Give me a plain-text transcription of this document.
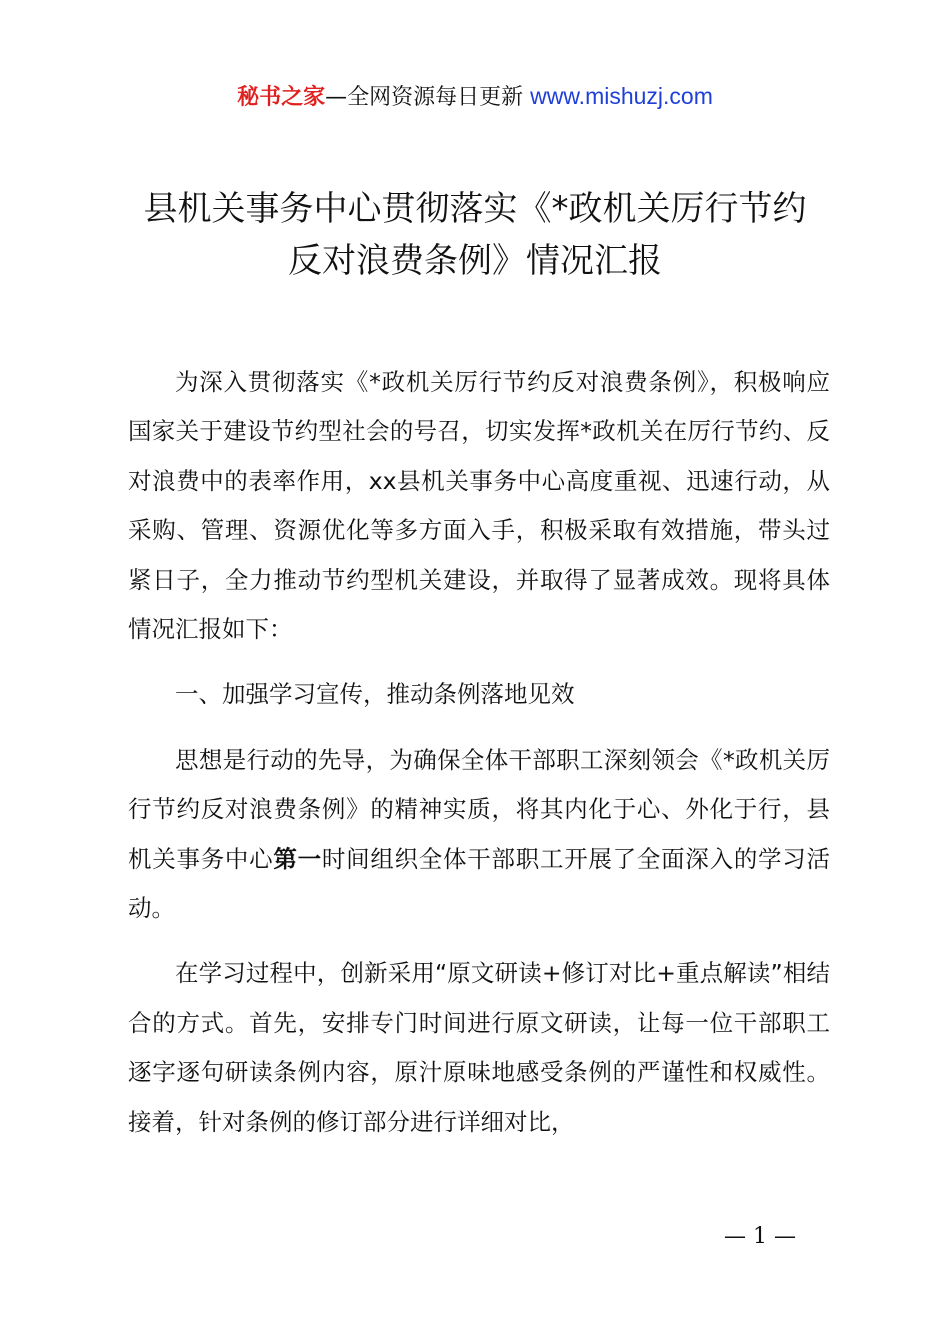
秘书之家—全网资源每日更新 www.mishuzj.com
县机关事务中心贯彻落实《*政机关厉行节约
反对浪费条例》情况汇报

为深入贯彻落实《*政机关厉行节约反对浪费条例》，积极响应国家关于建设节约型社会的号召，切实发挥*政机关在厉行节约、反对浪费中的表率作用，xx县机关事务中心高度重视、迅速行动，从采购、管理、资源优化等多方面入手，积极采取有效措施，带头过紧日子，全力推动节约型机关建设，并取得了显著成效。现将具体情况汇报如下：

一、加强学习宣传，推动条例落地见效

思想是行动的先导，为确保全体干部职工深刻领会《*政机关厉行节约反对浪费条例》的精神实质，将其内化于心、外化于行，县机关事务中心第一时间组织全体干部职工开展了全面深入的学习活动。

在学习过程中，创新采用“原文研读+修订对比+重点解读”相结合的方式。首先，安排专门时间进行原文研读，让每一位干部职工逐字逐句研读条例内容，原汁原味地感受条例的严谨性和权威性。接着，针对条例的修订部分进行详细对比，

— 1 —
